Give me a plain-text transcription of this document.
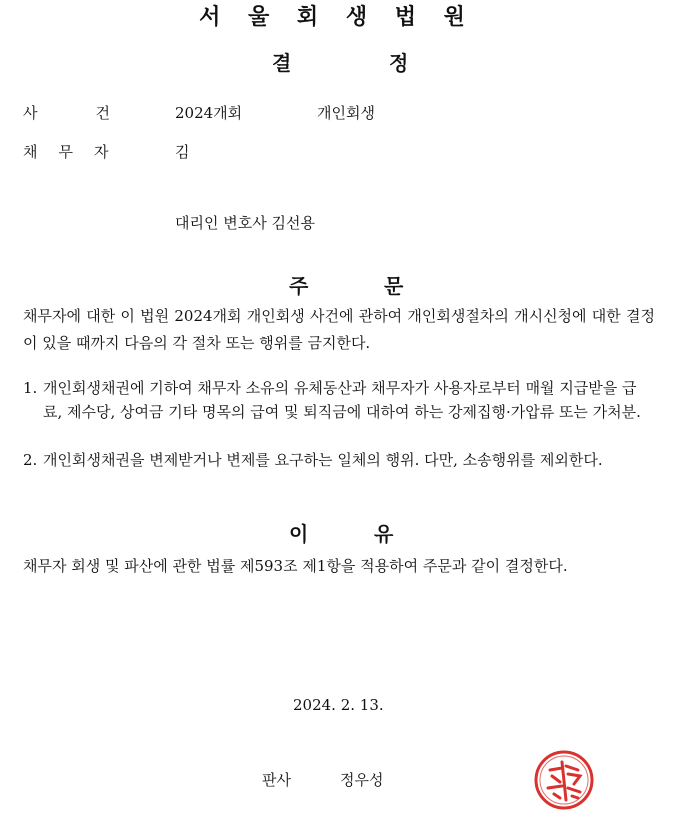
서 울 회 생 법 원
결	정
사	건	2024개회	개인회생
채 무 자	김
대리인 변호사 김선용
주	문
채무자에 대한 이 법원 2024개회 개인회생 사건에 관하여 개인회생절차의 개시신청에 대한 결정이 있을 때까지 다음의 각 절차 또는 행위를 금지한다.
1. 개인회생채권에 기하여 채무자 소유의 유체동산과 채무자가 사용자로부터 매월 지급받을 급료, 제수당, 상여금 기타 명목의 급여 및 퇴직금에 대하여 하는 강제집행·가압류 또는 가처분.
2. 개인회생채권을 변제받거나 변제를 요구하는 일체의 행위. 다만, 소송행위를 제외한다.
이	유
채무자 회생 및 파산에 관한 법률 제593조 제1항을 적용하여 주문과 같이 결정한다.
2024. 2. 13.
판사	정우성
